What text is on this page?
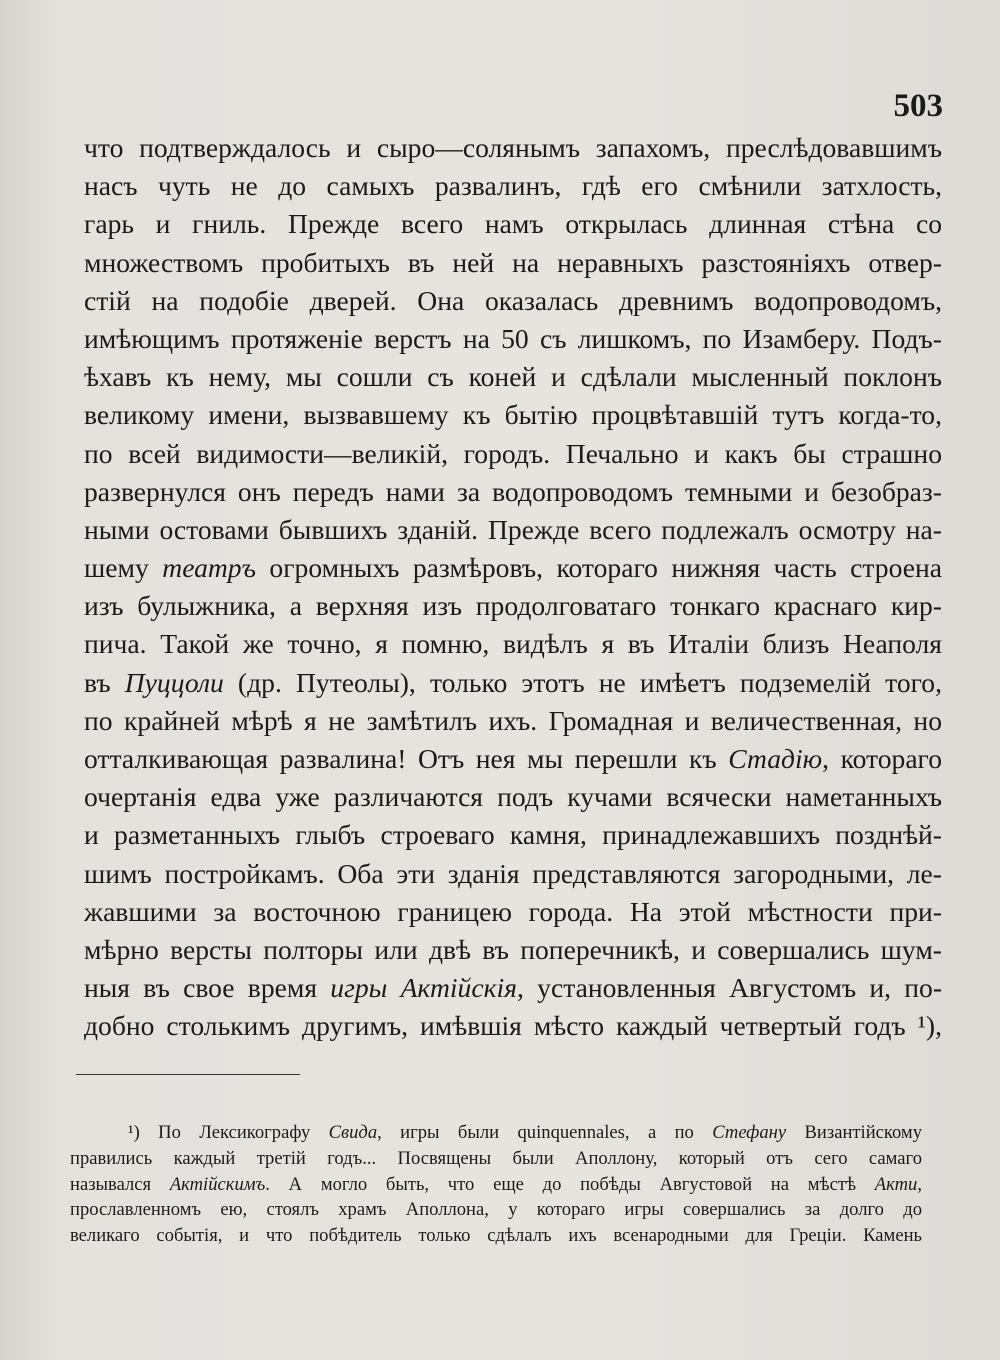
503
что подтверждалось и сыро—солянымъ запахомъ, преслѣдовавшимъ
насъ чуть не до самыхъ развалинъ, гдѣ его смѣнили затхлость,
гарь и гниль. Прежде всего намъ открылась длинная стѣна со
множествомъ пробитыхъ въ ней на неравныхъ разстояніяхъ отвер-
стій на подобіе дверей. Она оказалась древнимъ водопроводомъ,
имѣющимъ протяженіе верстъ на 50 съ лишкомъ, по Изамберу. Подъ-
ѣхавъ къ нему, мы сошли съ коней и сдѣлали мысленный поклонъ
великому имени, вызвавшему къ бытію процвѣтавшій тутъ когда-то,
по всей видимости—великій, городъ. Печально и какъ бы страшно
развернулся онъ передъ нами за водопроводомъ темными и безобраз-
ными остовами бывшихъ зданій. Прежде всего подлежалъ осмотру на-
шему театръ огромныхъ размѣровъ, котораго нижняя часть строена
изъ булыжника, а верхняя изъ продолговатаго тонкаго краснаго кир-
пича. Такой же точно, я помню, видѣлъ я въ Италіи близъ Неаполя
въ Пуццоли (др. Путеолы), только этотъ не имѣетъ подземелій того,
по крайней мѣрѣ я не замѣтилъ ихъ. Громадная и величественная, но
отталкивающая развалина! Отъ нея мы перешли къ Стадію, котораго
очертанія едва уже различаются подъ кучами всячески наметанныхъ
и разметанныхъ глыбъ строеваго камня, принадлежавшихъ позднѣй-
шимъ постройкамъ. Оба эти зданія представляются загородными, ле-
жавшими за восточною границею города. На этой мѣстности при-
мѣрно версты полторы или двѣ въ поперечникѣ, и совершались шум-
ныя въ свое время игры Актійскія, установленныя Августомъ и, по-
добно столькимъ другимъ, имѣвшія мѣсто каждый четвертый годъ ¹),
¹) По Лексикографу Свида, игры были quinquennales, а по Стефану Византійскому
правились каждый третій годъ... Посвящены были Аполлону, который отъ сего самаго
назывался Актійскимъ. А могло быть, что еще до побѣды Августовой на мѣстѣ Акти,
прославленномъ ею, стоялъ храмъ Аполлона, у котораго игры совершались за долго до
великаго событія, и что побѣдитель только сдѣлалъ ихъ всенародными для Греціи. Камень
